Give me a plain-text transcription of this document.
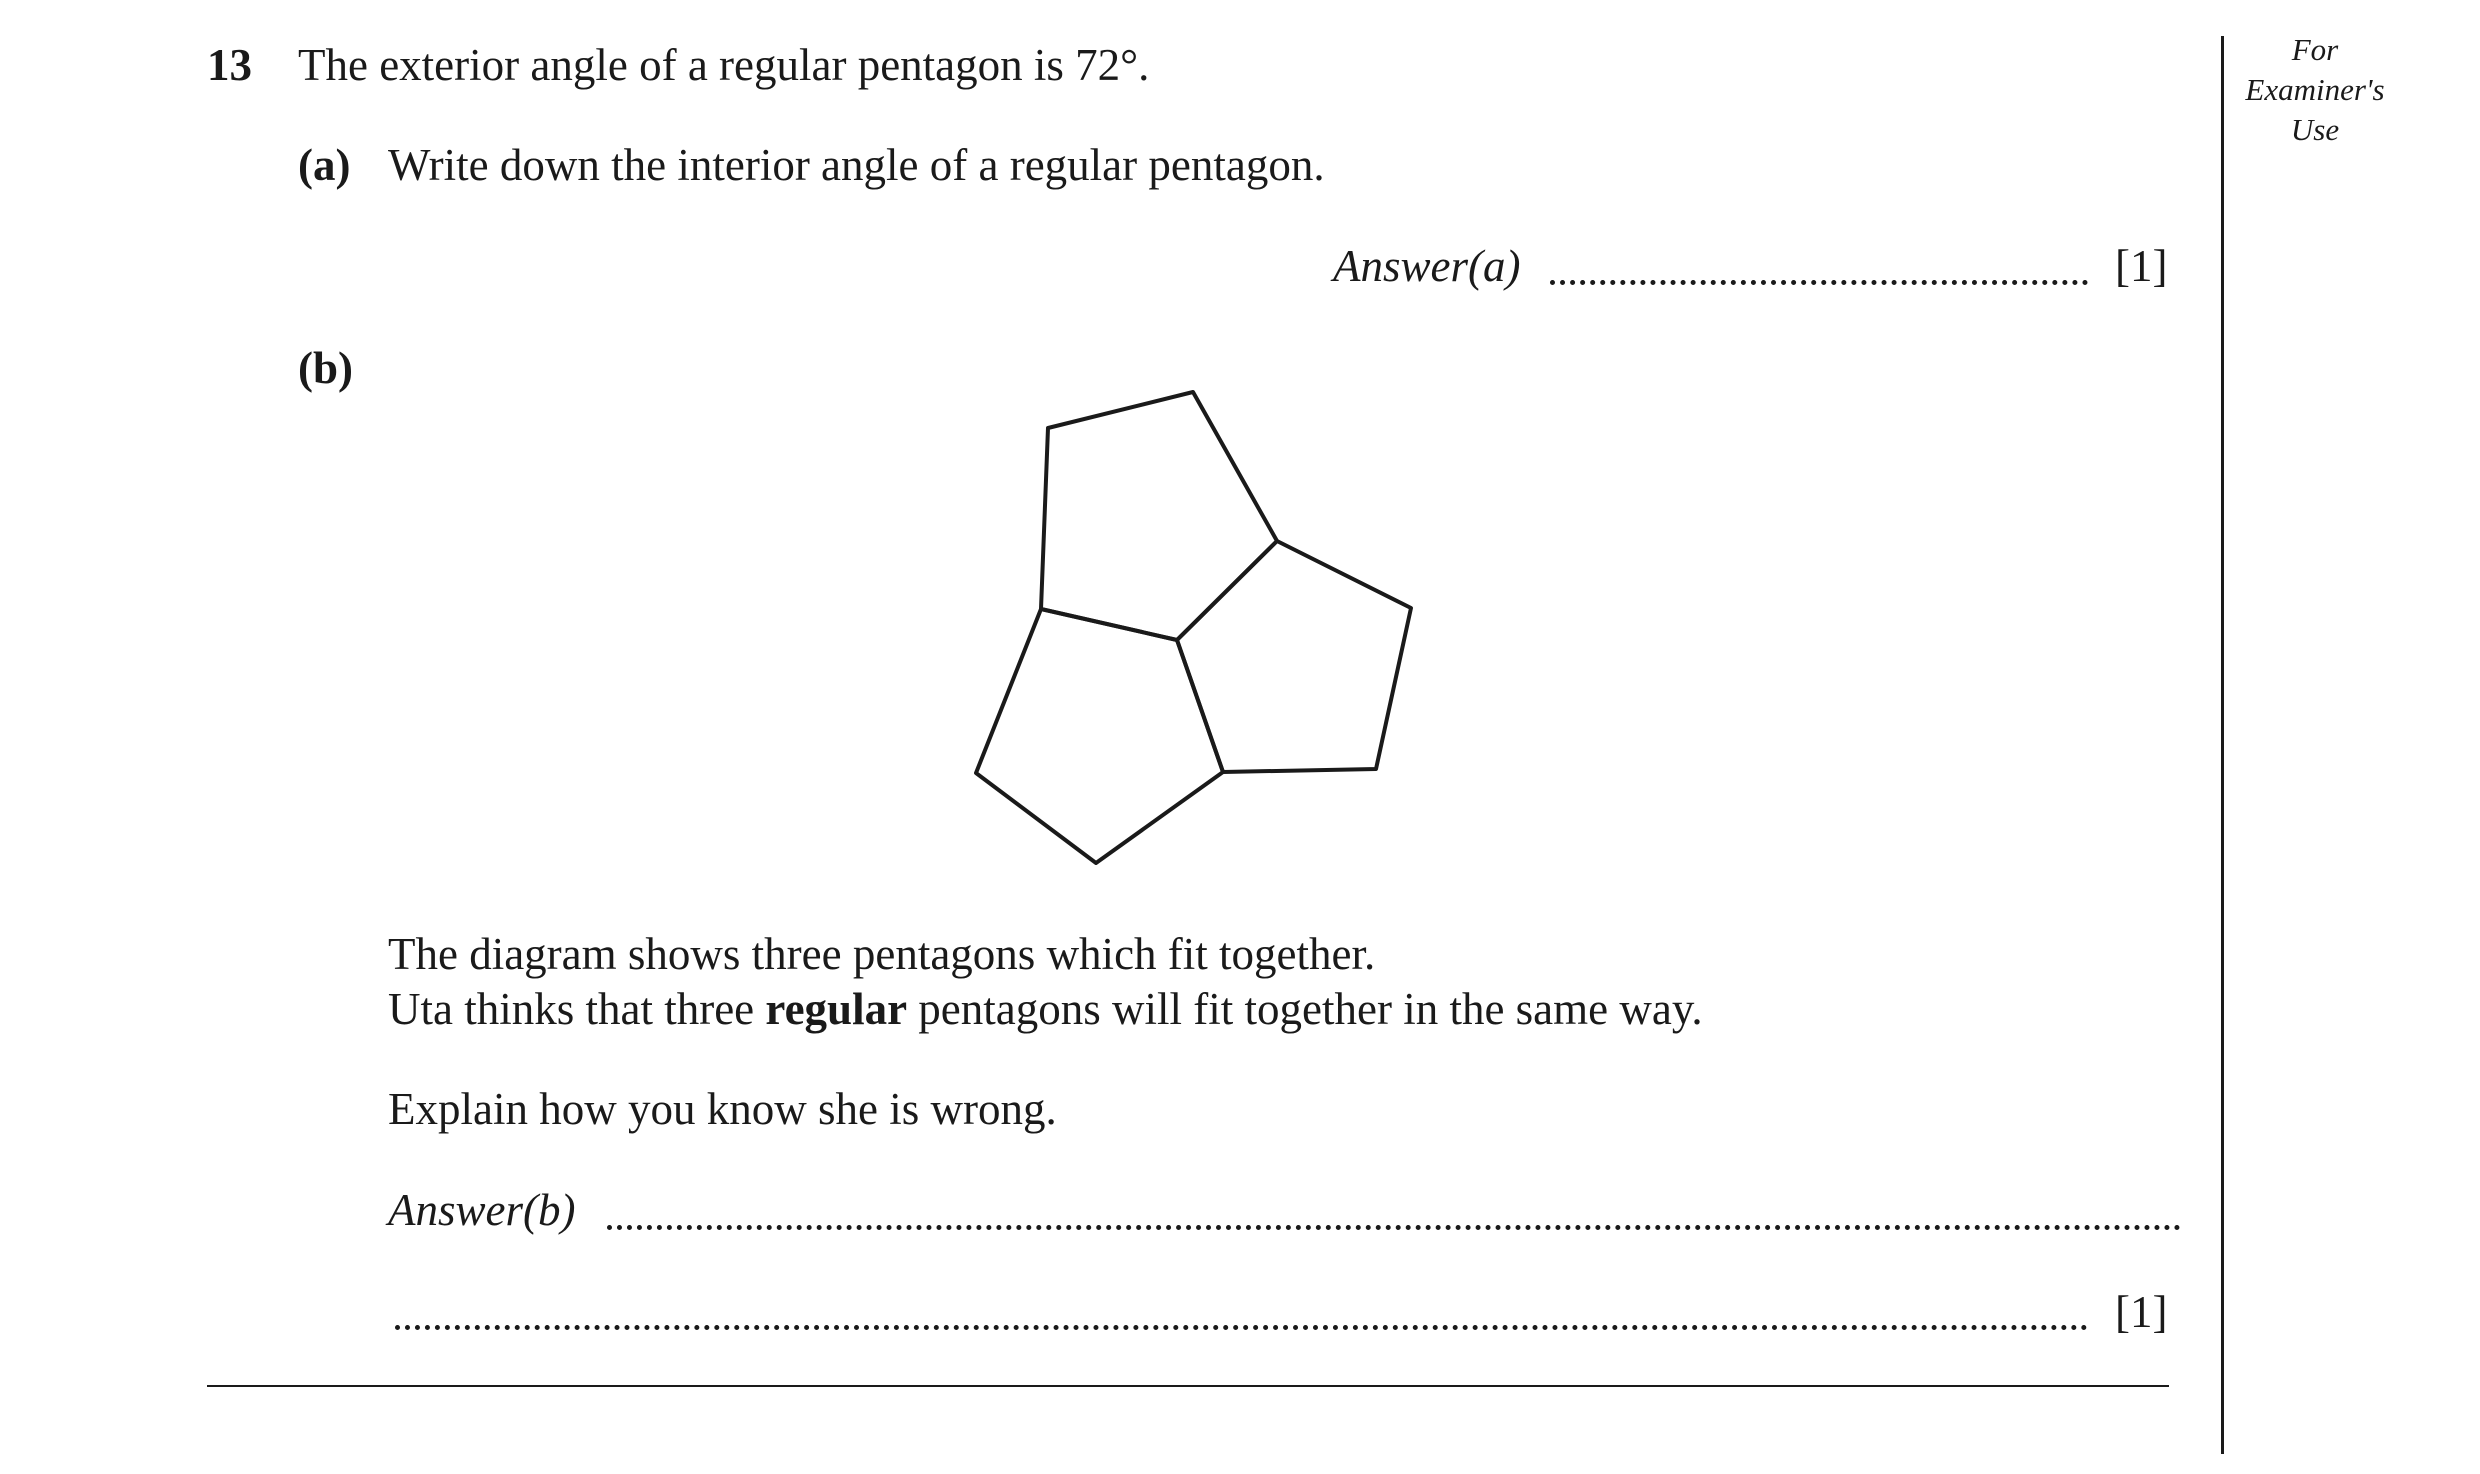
For
Examiner's
Use
13 The exterior angle of a regular pentagon is 72°.
(a) Write down the interior angle of a regular pentagon.
Answer(a)	[1]
(b)
The diagram shows three pentagons which fit together.
Uta thinks that three regular pentagons will fit together in the same way.
Explain how you know she is wrong.
Answer(b)
[1]
